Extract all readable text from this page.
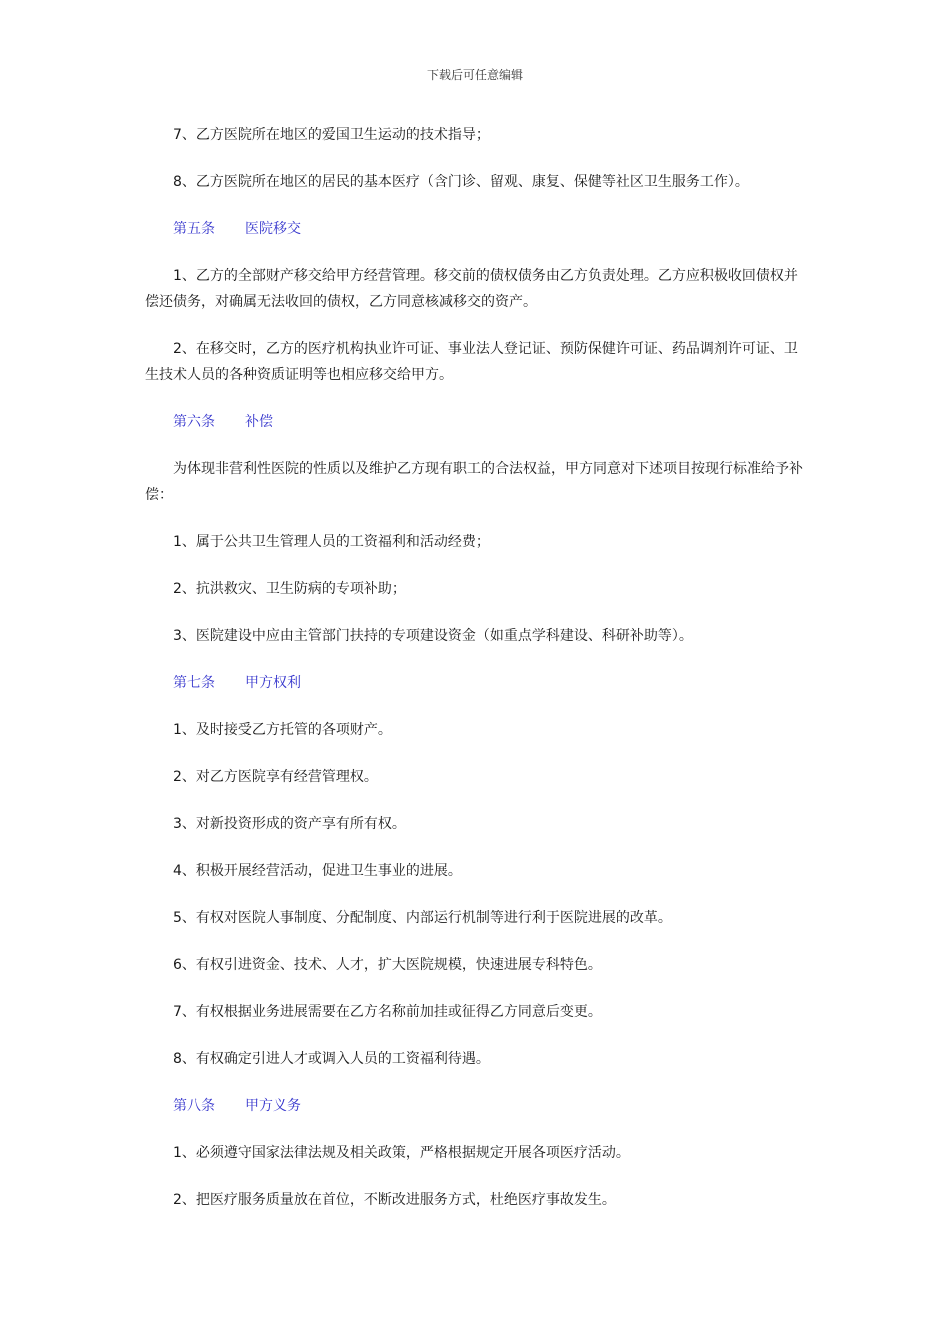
下载后可任意编辑

7、乙方医院所在地区的爱国卫生运动的技术指导；

8、乙方医院所在地区的居民的基本医疗（含门诊、留观、康复、保健等社区卫生服务工作）。

第五条 医院移交

1、乙方的全部财产移交给甲方经营管理。移交前的债权债务由乙方负责处理。乙方应积极收回债权并偿还债务，对确属无法收回的债权，乙方同意核减移交的资产。

2、在移交时，乙方的医疗机构执业许可证、事业法人登记证、预防保健许可证、药品调剂许可证、卫生技术人员的各种资质证明等也相应移交给甲方。

第六条 补偿

为体现非营利性医院的性质以及维护乙方现有职工的合法权益，甲方同意对下述项目按现行标准给予补偿：

1、属于公共卫生管理人员的工资福利和活动经费；

2、抗洪救灾、卫生防病的专项补助；

3、医院建设中应由主管部门扶持的专项建设资金（如重点学科建设、科研补助等）。

第七条 甲方权利

1、及时接受乙方托管的各项财产。

2、对乙方医院享有经营管理权。

3、对新投资形成的资产享有所有权。

4、积极开展经营活动，促进卫生事业的进展。

5、有权对医院人事制度、分配制度、内部运行机制等进行利于医院进展的改革。

6、有权引进资金、技术、人才，扩大医院规模，快速进展专科特色。

7、有权根据业务进展需要在乙方名称前加挂或征得乙方同意后变更。

8、有权确定引进人才或调入人员的工资福利待遇。

第八条 甲方义务

1、必须遵守国家法律法规及相关政策，严格根据规定开展各项医疗活动。

2、把医疗服务质量放在首位，不断改进服务方式，杜绝医疗事故发生。
